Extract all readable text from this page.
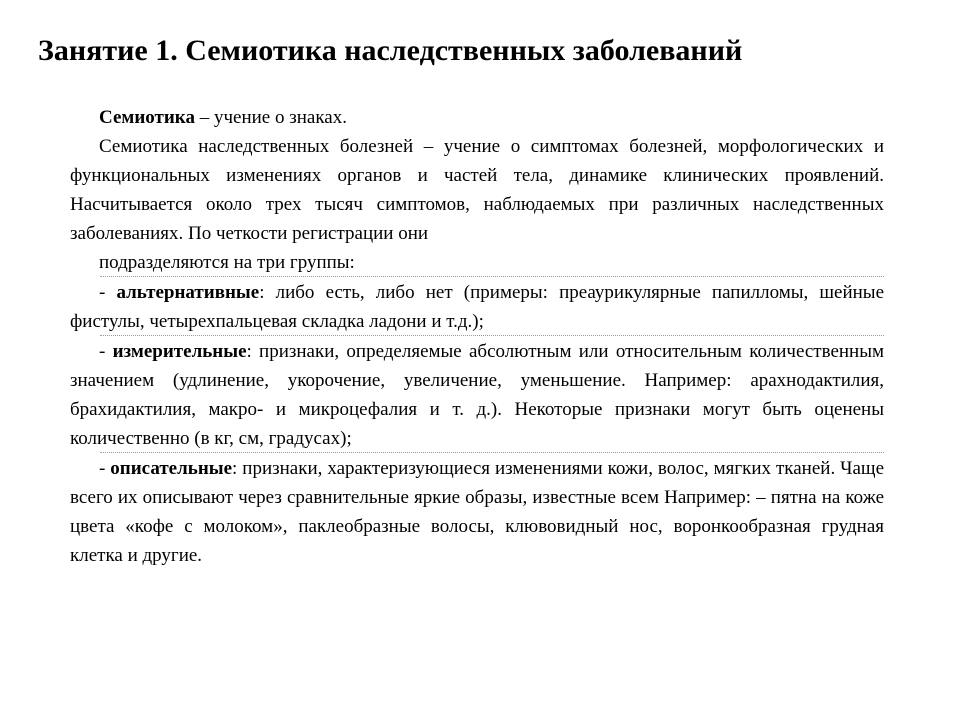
Занятие 1. Семиотика наследственных заболеваний

Семиотика – учение о знаках.

Семиотика наследственных болезней – учение о симптомах болезней, морфологических и функциональных изменениях органов и частей тела, динамике клинических проявлений. Насчитывается около трех тысяч симптомов, наблюдаемых при различных наследственных заболеваниях. По четкости регистрации они

подразделяются на три группы:

- альтернативные: либо есть, либо нет (примеры: преаурикулярные папилломы, шейные фистулы, четырехпальцевая складка ладони и т.д.);

- измерительные: признаки, определяемые абсолютным или относительным количественным значением (удлинение, укорочение, увеличение, уменьшение. Например: арахнодактилия, брахидактилия, макро- и микроцефалия и т. д.). Некоторые признаки могут быть оценены количественно (в кг, см, градусах);

- описательные: признаки, характеризующиеся изменениями кожи, волос, мягких тканей. Чаще всего их описывают через сравнительные яркие образы, известные всем Например: – пятна на коже цвета «кофе с молоком», паклеобразные волосы, клювовидный нос, воронкообразная грудная клетка и другие.
